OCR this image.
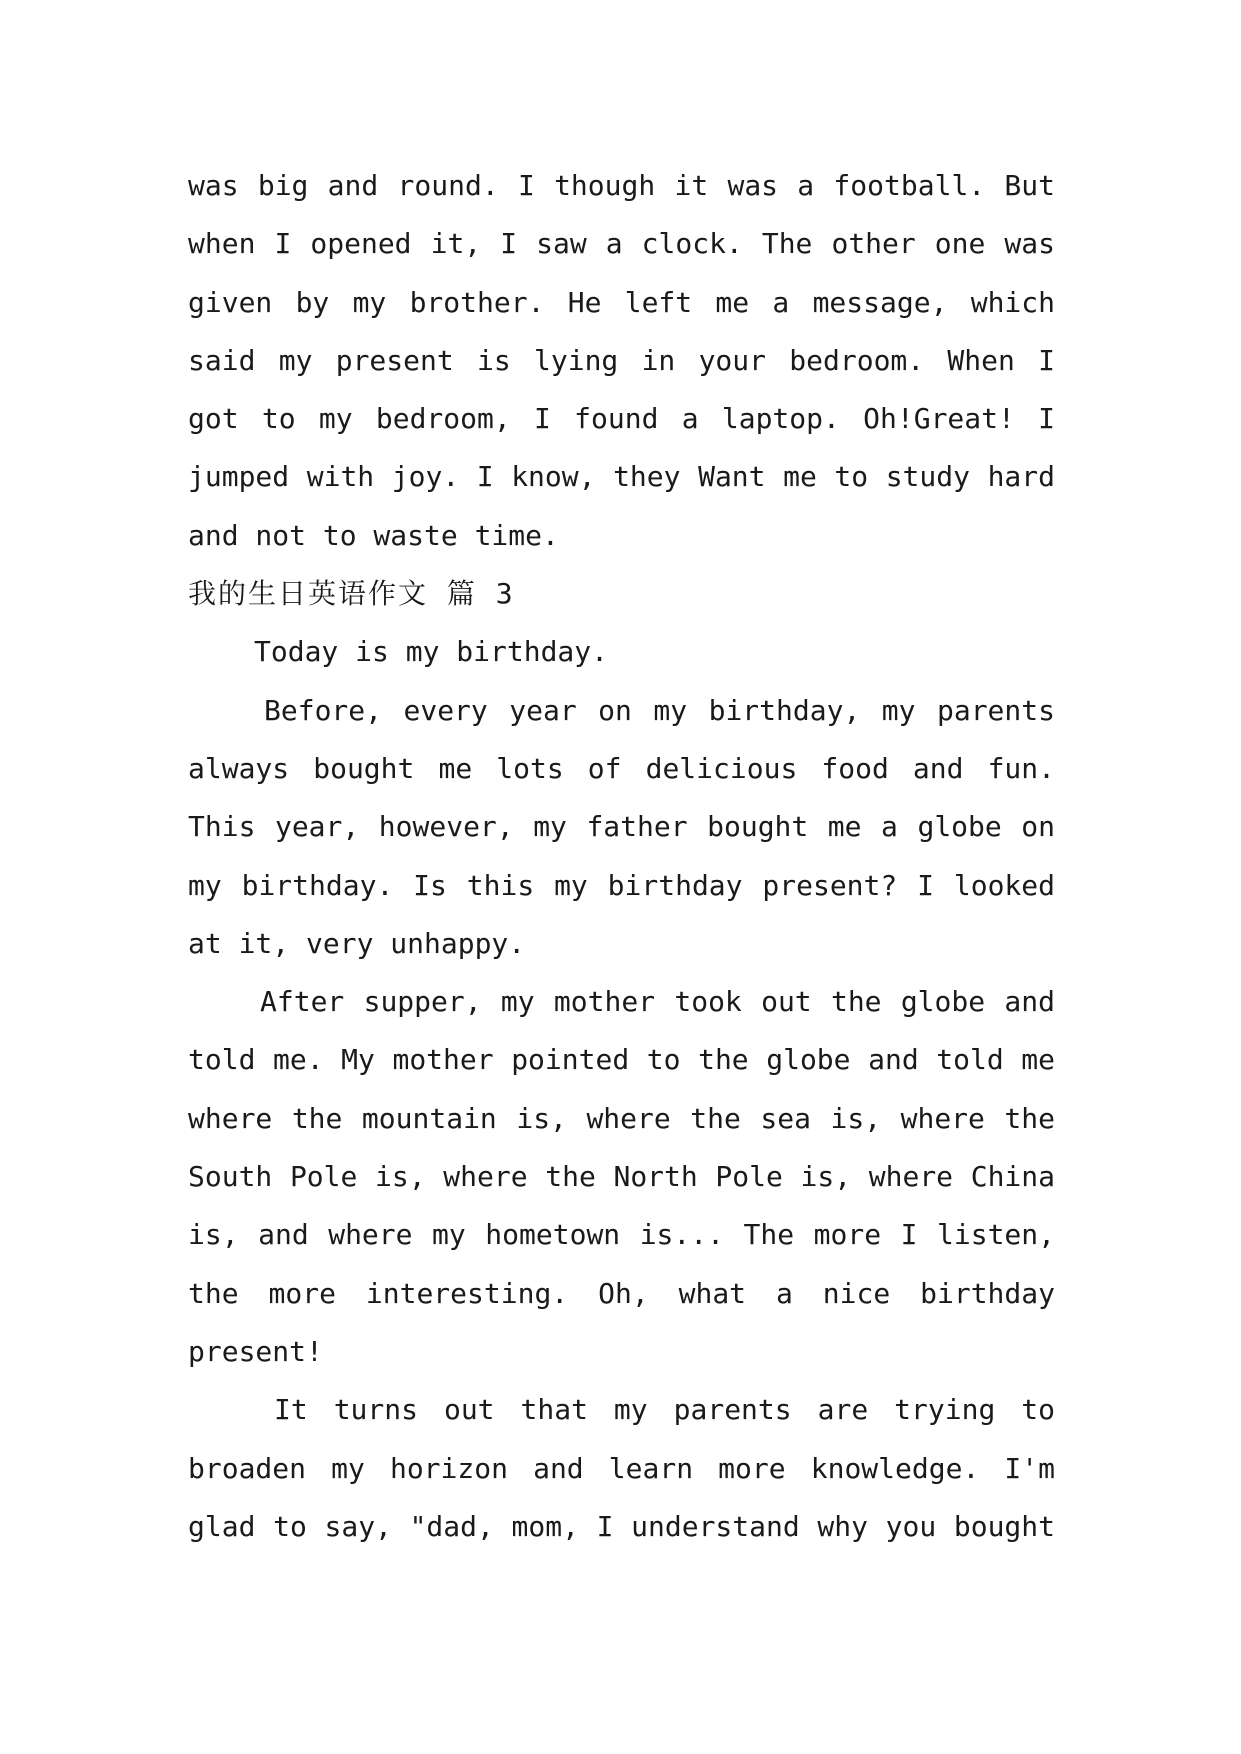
was big and round. I though it was a football. But
when I opened it, I saw a clock. The other one was
given by my brother. He left me a message, which
said my present is lying in your bedroom. When I
got to my bedroom, I found a laptop. Oh!Great! I
jumped with joy. I know, they Want me to study hard
and not to waste time.
我的生日英语作文 篇 3
Today is my birthday.
Before, every year on my birthday, my parents
always bought me lots of delicious food and fun.
This year, however, my father bought me a globe on
my birthday. Is this my birthday present? I looked
at it, very unhappy.
After supper, my mother took out the globe and
told me. My mother pointed to the globe and told me
where the mountain is, where the sea is, where the
South Pole is, where the North Pole is, where China
is, and where my hometown is... The more I listen,
the more interesting. Oh, what a nice birthday
present!
It turns out that my parents are trying to
broaden my horizon and learn more knowledge. I'm
glad to say, "dad, mom, I understand why you bought
